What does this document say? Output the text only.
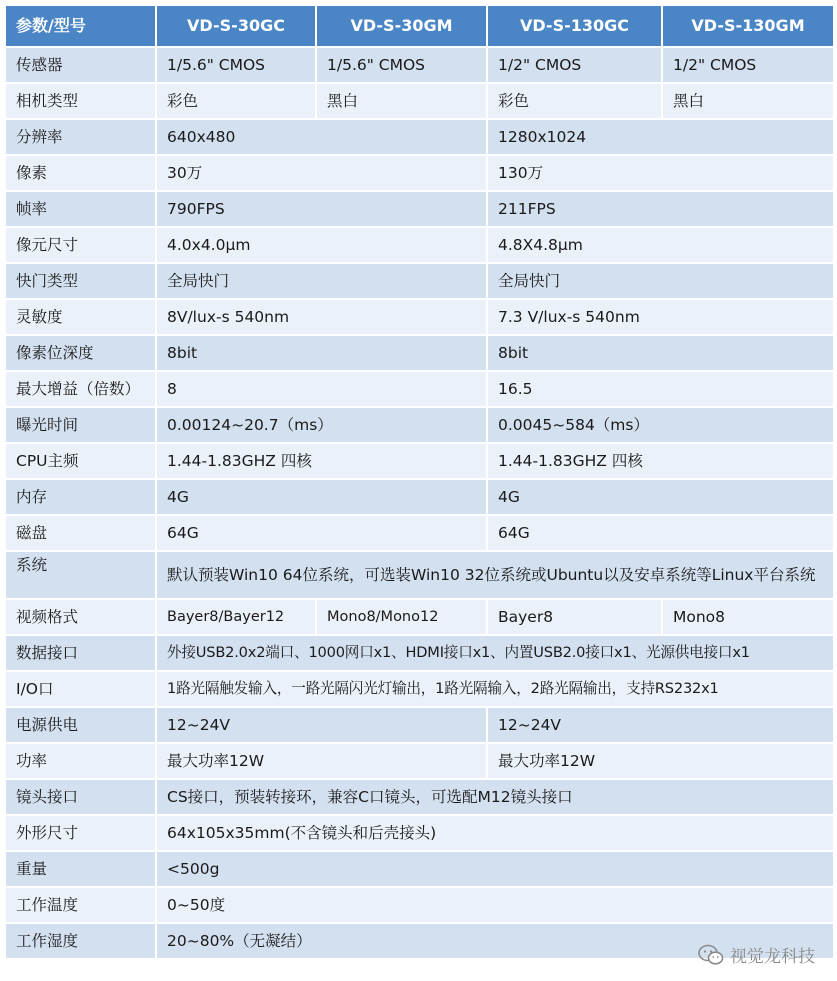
参数/型号	VD-S-30GC	VD-S-30GM	VD-S-130GC	VD-S-130GM
传感器	1/5.6" CMOS	1/5.6" CMOS	1/2" CMOS	1/2" CMOS
相机类型	彩色	黑白	彩色	黑白
分辨率	640x480		1280x1024	
像素	30万		130万	
帧率	790FPS		211FPS	
像元尺寸	4.0x4.0μm		4.8X4.8μm	
快门类型	全局快门		全局快门	
灵敏度	8V/lux-s 540nm		7.3 V/lux-s 540nm	
像素位深度	8bit		8bit	
最大增益（倍数）	8		16.5	
曝光时间	0.00124~20.7（ms）		0.0045~584（ms）	
CPU主频	1.44-1.83GHZ 四核		1.44-1.83GHZ 四核	
内存	4G		4G	
磁盘	64G		64G	
系统	默认预装Win10 64位系统，可选装Win10 32位系统或Ubuntu以及安卓系统等Linux平台系统			
视频格式	Bayer8/Bayer12	Mono8/Mono12	Bayer8	Mono8
数据接口	外接USB2.0x2端口、1000网口x1、HDMI接口x1、内置USB2.0接口x1、光源供电接口x1			
I/O口	1路光隔触发输入，一路光隔闪光灯输出，1路光隔输入，2路光隔输出，支持RS232x1			
电源供电	12~24V		12~24V	
功率	最大功率12W		最大功率12W	
镜头接口	CS接口，预装转接环，兼容C口镜头，可选配M12镜头接口			
外形尺寸	64x105x35mm(不含镜头和后壳接头)			
重量	<500g			
工作温度	0~50度			
工作湿度	20~80%（无凝结）			
视觉龙科技
